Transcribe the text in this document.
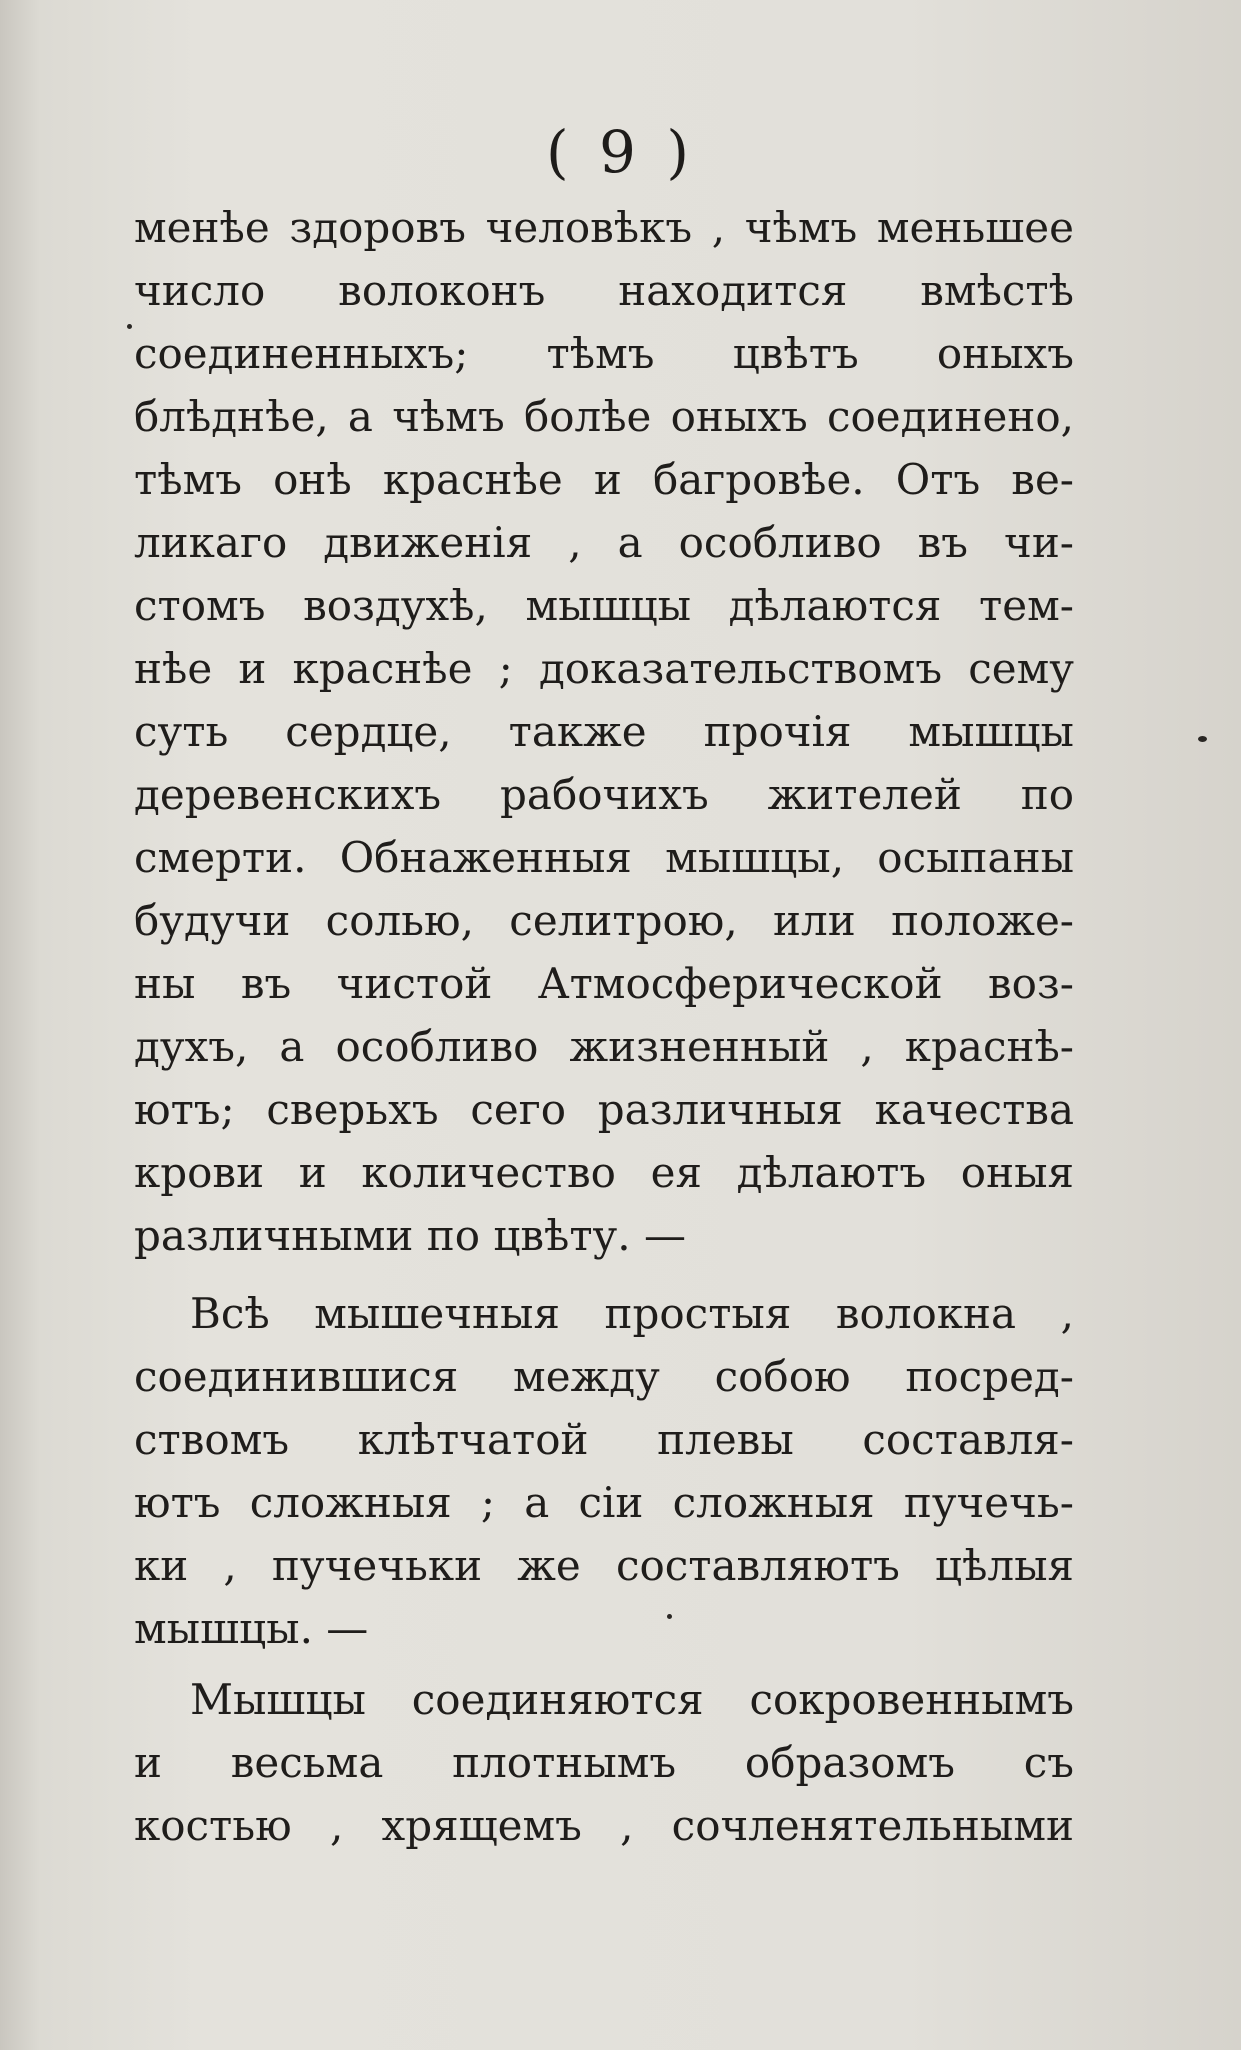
( 9 )
менѣе здоровъ человѣкъ , чѣмъ меньшее
число волоконъ находится вмѣстѣ
соединенныхъ; тѣмъ цвѣтъ оныхъ
блѣднѣе, а чѣмъ болѣе оныхъ соединено,
тѣмъ онѣ краснѣе и багровѣе. Отъ ве-
ликаго движенія , а особливо въ чи-
стомъ воздухѣ, мышцы дѣлаются тем-
нѣе и краснѣе ; доказательствомъ сему
суть сердце, также прочія мышцы
деревенскихъ рабочихъ жителей по
смерти. Обнаженныя мышцы, осыпаны
будучи солью, селитрою, или положе-
ны въ чистой Атмосферической воз-
духъ, а особливо жизненный , краснѣ-
ютъ; сверьхъ сего различныя качества
крови и количество ея дѣлаютъ оныя
различными по цвѣту. —
Всѣ мышечныя простыя волокна ,
соединившися между собою посред-
ствомъ клѣтчатой плевы составля-
ютъ сложныя ; а сіи сложныя пучечь-
ки , пучечьки же составляютъ цѣлыя
мышцы. —
Мышцы соединяются сокровеннымъ
и весьма плотнымъ образомъ съ
костью , хрящемъ , сочленятельными
